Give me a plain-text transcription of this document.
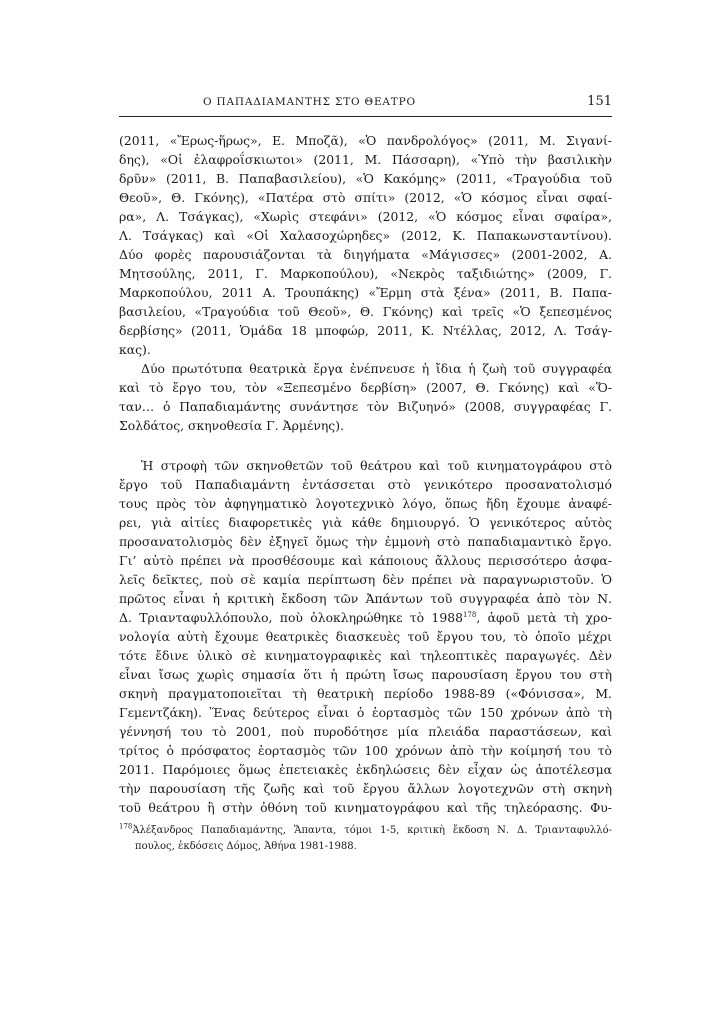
Ο ΠΑΠΑΔΙΑΜΑΝΤΗΣ ΣΤΟ ΘΕΑΤΡΟ	151
(2011, «Ἔρως-ἥρως», Ε. Μποζᾶ), «Ὁ πανδρολόγος» (2011, Μ. Σιγανί-
δης), «Οἱ ἐλαφροΐσκιωτοι» (2011, Μ. Πάσσαρη), «Ὑπὸ τὴν βασιλικὴν
δρῦν» (2011, Β. Παπαβασιλείου), «Ὁ Κακόμης» (2011, «Τραγούδια τοῦ
Θεοῦ», Θ. Γκόνης), «Πατέρα στὸ σπίτι» (2012, «Ὁ κόσμος εἶναι σφαί-
ρα», Λ. Τσάγκας), «Χωρὶς στεφάνι» (2012, «Ὁ κόσμος εἶναι σφαίρα»,
Λ. Τσάγκας) καὶ «Οἱ Χαλασοχώρηδες» (2012, Κ. Παπακωνσταντίνου).
Δύο φορὲς παρουσιάζονται τὰ διηγήματα «Μάγισσες» (2001-2002, Α.
Μητσούλης, 2011, Γ. Μαρκοπούλου), «Νεκρὸς ταξιδιώτης» (2009, Γ.
Μαρκοπούλου, 2011 Α. Τρουπάκης) «Ἔρμη στὰ ξένα» (2011, Β. Παπα-
βασιλείου, «Τραγούδια τοῦ Θεοῦ», Θ. Γκόνης) καὶ τρεῖς «Ὁ ξεπεσμένος
δερβίσης» (2011, Ὁμάδα 18 μποφώρ, 2011, Κ. Ντέλλας, 2012, Λ. Τσάγ-
κας).
Δύο πρωτότυπα θεατρικὰ ἔργα ἐνέπνευσε ἡ ἴδια ἡ ζωὴ τοῦ συγγραφέα
καὶ τὸ ἔργο του, τὸν «Ξεπεσμένο δερβίση» (2007, Θ. Γκόνης) καὶ «Ὅ-
ταν… ὁ Παπαδιαμάντης συνάντησε τὸν Βιζυηνό» (2008, συγγραφέας Γ.
Σολδάτος, σκηνοθεσία Γ. Ἀρμένης).
Ἡ στροφὴ τῶν σκηνοθετῶν τοῦ θεάτρου καὶ τοῦ κινηματογράφου στὸ
ἔργο τοῦ Παπαδιαμάντη ἐντάσσεται στὸ γενικότερο προσανατολισμό
τους πρὸς τὸν ἀφηγηματικὸ λογοτεχνικὸ λόγο, ὅπως ἤδη ἔχουμε ἀναφέ-
ρει, γιὰ αἰτίες διαφορετικὲς γιὰ κάθε δημιουργό. Ὁ γενικότερος αὐτὸς
προσανατολισμὸς δὲν ἐξηγεῖ ὅμως τὴν ἐμμονὴ στὸ παπαδιαμαντικὸ ἔργο.
Γι’ αὐτὸ πρέπει νὰ προσθέσουμε καὶ κάποιους ἄλλους περισσότερο ἀσφα-
λεῖς δεῖκτες, ποὺ σὲ καμία περίπτωση δὲν πρέπει νὰ παραγνωριστοῦν. Ὁ
πρῶτος εἶναι ἡ κριτικὴ ἔκδοση τῶν Ἀπάντων τοῦ συγγραφέα ἀπὸ τὸν Ν.
Δ. Τριανταφυλλόπουλο, ποὺ ὁλοκληρώθηκε τὸ 1988$^{178}$, ἀφοῦ μετὰ τὴ χρο-
νολογία αὐτὴ ἔχουμε θεατρικὲς διασκευὲς τοῦ ἔργου του, τὸ ὁποῖο μέχρι
τότε ἔδινε ὑλικὸ σὲ κινηματογραφικὲς καὶ τηλεοπτικὲς παραγωγές. Δὲν
εἶναι ἴσως χωρὶς σημασία ὅτι ἡ πρώτη ἴσως παρουσίαση ἔργου του στὴ
σκηνὴ πραγματοποιεῖται τὴ θεατρικὴ περίοδο 1988-89 («Φόνισσα», Μ.
Γεμεντζάκη). Ἕνας δεύτερος εἶναι ὁ ἑορτασμὸς τῶν 150 χρόνων ἀπὸ τὴ
γέννησή του τὸ 2001, ποὺ πυροδότησε μία πλειάδα παραστάσεων, καὶ
τρίτος ὁ πρόσφατος ἑορτασμὸς τῶν 100 χρόνων ἀπὸ τὴν κοίμησή του τὸ
2011. Παρόμοιες ὅμως ἐπετειακὲς ἐκδηλώσεις δὲν εἶχαν ὡς ἀποτέλεσμα
τὴν παρουσίαση τῆς ζωῆς καὶ τοῦ ἔργου ἄλλων λογοτεχνῶν στὴ σκηνὴ
τοῦ θεάτρου ἢ στὴν ὀθόνη τοῦ κινηματογράφου καὶ τῆς τηλεόρασης. Φυ-
$^{178}$Ἀλέξανδρος Παπαδιαμάντης, Ἅπαντα, τόμοι 1-5, κριτικὴ ἔκδοση Ν. Δ. Τριανταφυλλό-
πουλος, ἐκδόσεις Δόμος, Ἀθήνα 1981-1988.
